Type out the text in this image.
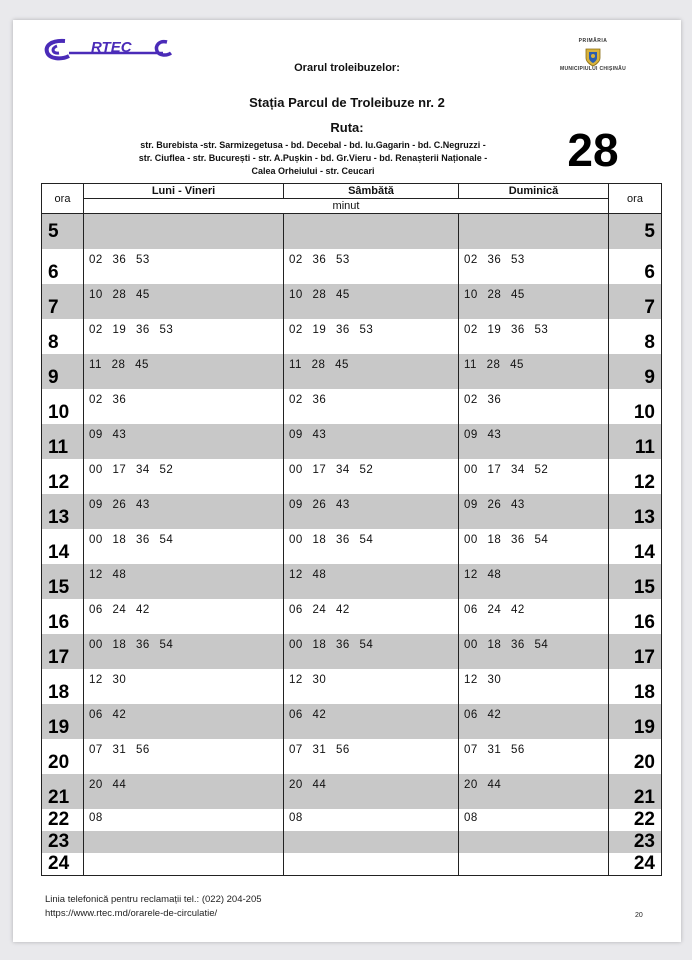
RTEC	PRIMĂRIA
MUNICIPIULUI CHIȘINĂU
Orarul troleibuzelor:
Stația Parcul de Troleibuze nr. 2
Ruta:
str. Burebista -str. Sarmizegetusa - bd. Decebal - bd. Iu.Gagarin - bd. C.Negruzzi -
str. Ciuflea - str. București - str. A.Pușkin - bd. Gr.Vieru - bd. Renașterii Naționale -
Calea Orheiului - str. Ceucari	28
ora	Luni - Vineri	Sâmbătă	Duminică	ora
	minut			

5				5

6	02 36 53	02 36 53	02 36 53	6

7	10 28 45	10 28 45	10 28 45	7

8	02 19 36 53	02 19 36 53	02 19 36 53	8

9	11 28 45	11 28 45	11 28 45	9

10	02 36	02 36	02 36	10

11	09 43	09 43	09 43	11

12	00 17 34 52	00 17 34 52	00 17 34 52	12

13	09 26 43	09 26 43	09 26 43	13

14	00 18 36 54	00 18 36 54	00 18 36 54	14

15	12 48	12 48	12 48	15

16	06 24 42	06 24 42	06 24 42	16

17	00 18 36 54	00 18 36 54	00 18 36 54	17

18	12 30	12 30	12 30	18

19	06 42	06 42	06 42	19

20	07 31 56	07 31 56	07 31 56	20

21	20 44	20 44	20 44	21

22	08	08	08	22

23				23

24				24
Linia telefonică pentru reclamații tel.: (022) 204-205
https://www.rtec.md/orarele-de-circulatie/	20
